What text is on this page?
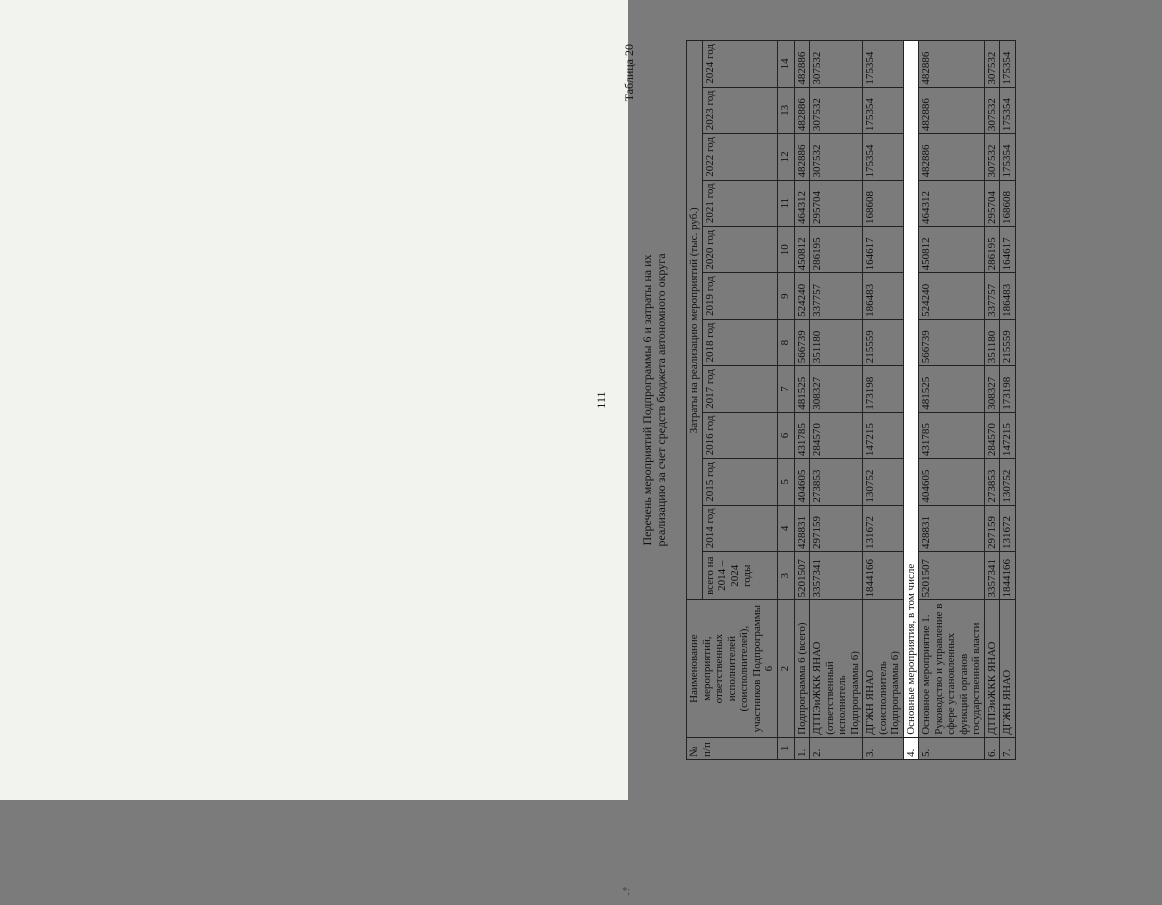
111
Таблица 20
Перечень мероприятий Подпрограммы 6 и затраты на их реализацию за счет средств бюджета автономного округа
№ п/п	Наименование мероприятий, ответственных исполнителей (соисполнителей), участников Подпрограммы 6	Затраты на реализацию мероприятий (тыс. руб.)											
		всего на 2014 – 2024 годы	2014 год	2015 год	2016 год	2017 год	2018 год	2019 год	2020 год	2021 год	2022 год	2023 год	2024 год
1	2	3	4	5	6	7	8	9	10	11	12	13	14
1.	Подпрограмма 6 (всего)	5201507	428831	404605	431785	481525	566739	524240	450812	464312	482886	482886	482886
2.	ДТПЭиЖКК ЯНАО (ответственный исполнитель Подпрограммы 6)	3357341	297159	273853	284570	308327	351180	337757	286195	295704	307532	307532	307532
3.	ДГЖН ЯНАО (соисполнитель Подпрограммы 6)	1844166	131672	130752	147215	173198	215559	186483	164617	168608	175354	175354	175354
4.	Основные мероприятия, в том числе												
5.	Основное мероприятие 1. Руководство и управление в сфере установленных функций органов государственной власти	5201507	428831	404605	431785	481525	566739	524240	450812	464312	482886	482886	482886
6.	ДТПЭиЖКК ЯНАО	3357341	297159	273853	284570	308327	351180	337757	286195	295704	307532	307532	307532
7.	ДГЖН ЯНАО	1844166	131672	130752	147215	173198	215559	186483	164617	168608	175354	175354	175354
*;
